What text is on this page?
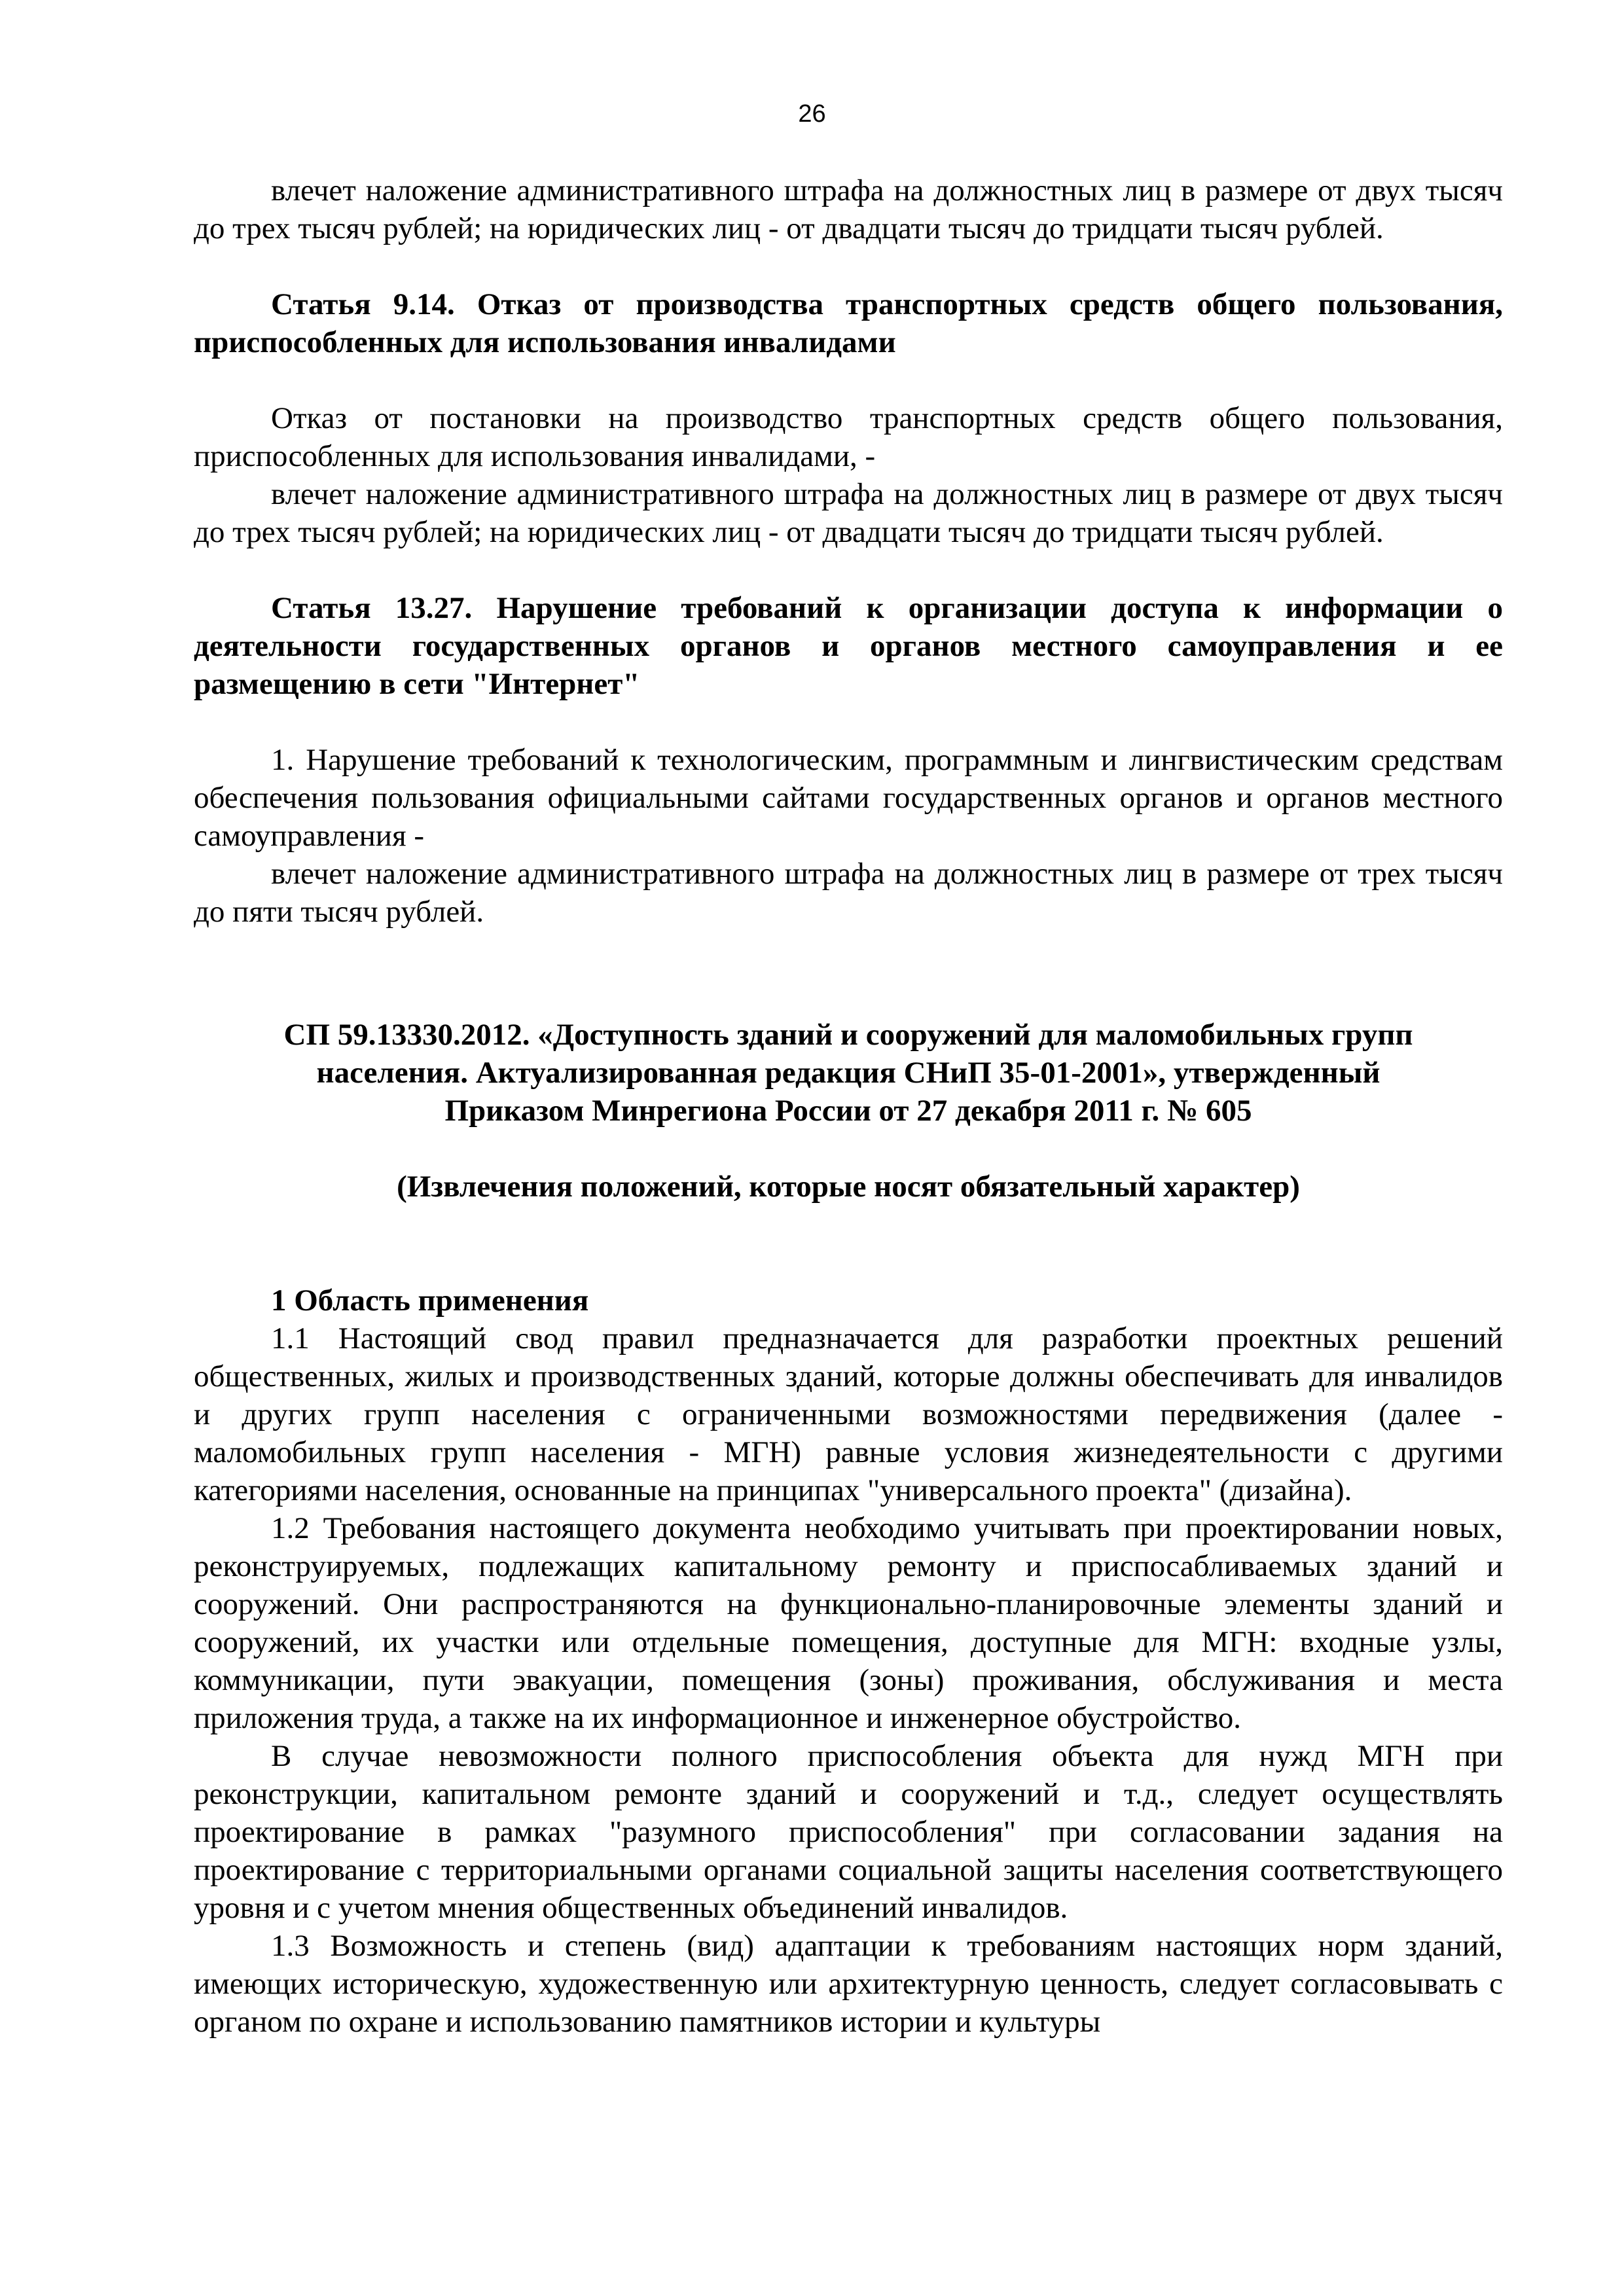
26

влечет наложение административного штрафа на должностных лиц в размере от двух тысяч до трех тысяч рублей; на юридических лиц - от двадцати тысяч до тридцати тысяч рублей.

Статья 9.14. Отказ от производства транспортных средств общего пользования, приспособленных для использования инвалидами

Отказ от постановки на производство транспортных средств общего пользования, приспособленных для использования инвалидами, -

влечет наложение административного штрафа на должностных лиц в размере от двух тысяч до трех тысяч рублей; на юридических лиц - от двадцати тысяч до тридцати тысяч рублей.

Статья 13.27. Нарушение требований к организации доступа к информации о деятельности государственных органов и органов местного самоуправления и ее размещению в сети "Интернет"

1. Нарушение требований к технологическим, программным и лингвистическим средствам обеспечения пользования официальными сайтами государственных органов и органов местного самоуправления -

влечет наложение административного штрафа на должностных лиц в размере от трех тысяч до пяти тысяч рублей.

СП 59.13330.2012. «Доступность зданий и сооружений для маломобильных групп

населения. Актуализированная редакция СНиП 35-01-2001», утвержденный

Приказом Минрегиона России от 27 декабря 2011 г. № 605

(Извлечения положений, которые носят обязательный характер)

1 Область применения

1.1 Настоящий свод правил предназначается для разработки проектных решений общественных, жилых и производственных зданий, которые должны обеспечивать для инвалидов и других групп населения с ограниченными возможностями передвижения (далее - маломобильных групп населения - МГН) равные условия жизнедеятельности с другими категориями населения, основанные на принципах "универсального проекта" (дизайна).

1.2 Требования настоящего документа необходимо учитывать при проектировании новых, реконструируемых, подлежащих капитальному ремонту и приспосабливаемых зданий и сооружений. Они распространяются на функционально-планировочные элементы зданий и сооружений, их участки или отдельные помещения, доступные для МГН: входные узлы, коммуникации, пути эвакуации, помещения (зоны) проживания, обслуживания и места приложения труда, а также на их информационное и инженерное обустройство.

В случае невозможности полного приспособления объекта для нужд МГН при реконструкции, капитальном ремонте зданий и сооружений и т.д., следует осуществлять проектирование в рамках "разумного приспособления" при согласовании задания на проектирование с территориальными органами социальной защиты населения соответствующего уровня и с учетом мнения общественных объединений инвалидов.

1.3 Возможность и степень (вид) адаптации к требованиям настоящих норм зданий, имеющих историческую, художественную или архитектурную ценность, следует согласовывать с органом по охране и использованию памятников истории и культуры
